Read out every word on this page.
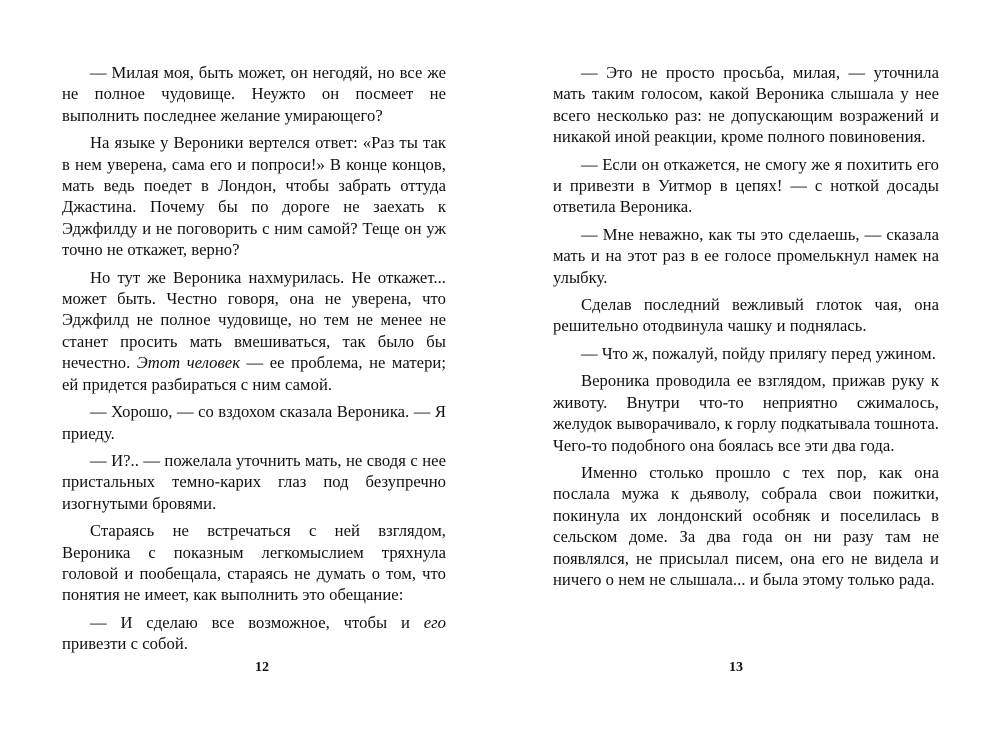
— Милая моя, быть может, он негодяй, но все же не полное чудовище. Неужто он посмеет не выполнить последнее желание умирающего?

На языке у Вероники вертелся ответ: «Раз ты так в нем уверена, сама его и попроси!» В конце концов, мать ведь поедет в Лондон, чтобы забрать оттуда Джастина. Почему бы по дороге не заехать к Эджфилду и не поговорить с ним самой? Теще он уж точно не откажет, верно?

Но тут же Вероника нахмурилась. Не откажет... может быть. Честно говоря, она не уверена, что Эджфилд не полное чудовище, но тем не менее не станет просить мать вмешиваться, так было бы нечестно. Этот человек — ее проблема, не матери; ей придется разбираться с ним самой.

— Хорошо, — со вздохом сказала Вероника. — Я приеду.

— И?.. — пожелала уточнить мать, не сводя с нее пристальных темно-карих глаз под безупречно изогнутыми бровями.

Стараясь не встречаться с ней взглядом, Вероника с показным легкомыслием тряхнула головой и пообещала, стараясь не думать о том, что понятия не имеет, как выполнить это обещание:

— И сделаю все возможное, чтобы и его привезти с собой.

— Это не просто просьба, милая, — уточнила мать таким голосом, какой Вероника слышала у нее всего несколько раз: не допускающим возражений и никакой иной реакции, кроме полного повиновения.

— Если он откажется, не смогу же я похитить его и привезти в Уитмор в цепях! — с ноткой досады ответила Вероника.

— Мне неважно, как ты это сделаешь, — сказала мать и на этот раз в ее голосе промелькнул намек на улыбку.

Сделав последний вежливый глоток чая, она решительно отодвинула чашку и поднялась.

— Что ж, пожалуй, пойду прилягу перед ужином.

Вероника проводила ее взглядом, прижав руку к животу. Внутри что-то неприятно сжималось, желудок выворачивало, к горлу подкатывала тошнота. Чего-то подобного она боялась все эти два года.

Именно столько прошло с тех пор, как она послала мужа к дьяволу, собрала свои пожитки, покинула их лондонский особняк и поселилась в сельском доме. За два года он ни разу там не появлялся, не присылал писем, она его не видела и ничего о нем не слышала... и была этому только рада.

12	13
